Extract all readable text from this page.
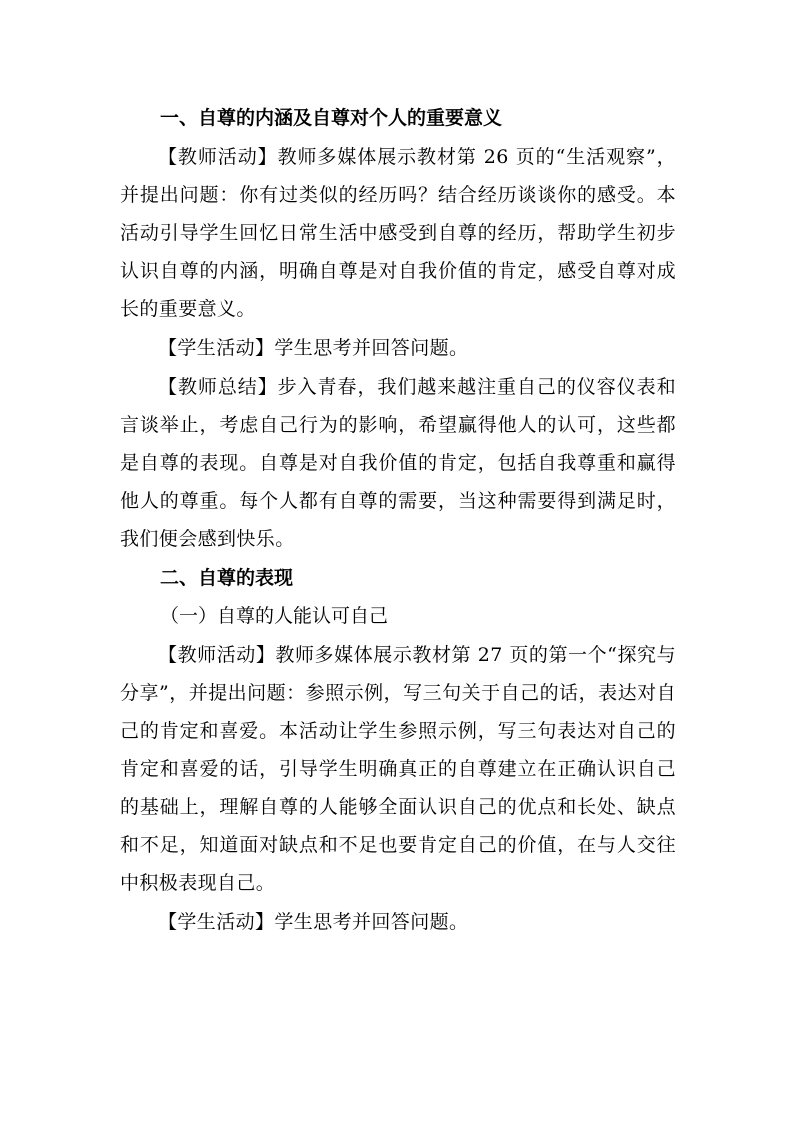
一、自尊的内涵及自尊对个人的重要意义

【教师活动】教师多媒体展示教材第 26 页的“生活观察”，并提出问题：你有过类似的经历吗？结合经历谈谈你的感受。本活动引导学生回忆日常生活中感受到自尊的经历，帮助学生初步认识自尊的内涵，明确自尊是对自我价值的肯定，感受自尊对成长的重要意义。

【学生活动】学生思考并回答问题。

【教师总结】步入青春，我们越来越注重自己的仪容仪表和言谈举止，考虑自己行为的影响，希望赢得他人的认可，这些都是自尊的表现。自尊是对自我价值的肯定，包括自我尊重和赢得他人的尊重。每个人都有自尊的需要，当这种需要得到满足时，我们便会感到快乐。

二、自尊的表现
（一）自尊的人能认可自己

【教师活动】教师多媒体展示教材第 27 页的第一个“探究与分享”，并提出问题：参照示例，写三句关于自己的话，表达对自己的肯定和喜爱。本活动让学生参照示例，写三句表达对自己的肯定和喜爱的话，引导学生明确真正的自尊建立在正确认识自己的基础上，理解自尊的人能够全面认识自己的优点和长处、缺点和不足，知道面对缺点和不足也要肯定自己的价值，在与人交往中积极表现自己。

【学生活动】学生思考并回答问题。
